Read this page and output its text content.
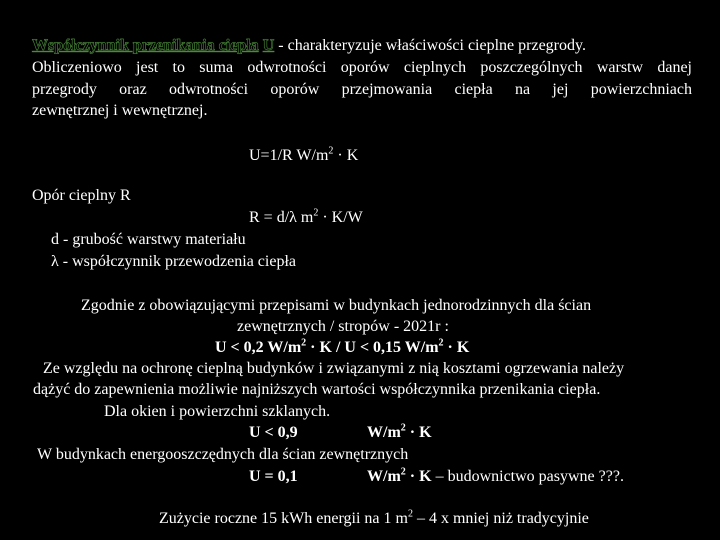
Współczynnik przenikania ciepła U - charakteryzuje właściwości cieplne przegrody.
Obliczeniowo jest to suma odwrotności oporów cieplnych poszczególnych warstw danej
przegrody oraz odwrotności oporów przejmowania ciepła na jej powierzchniach
zewnętrznej i wewnętrznej.
U=1/R $W/m^2 \cdot K$
Opór cieplny R
R = d/λ $m^2 \cdot K/W$
d - grubość warstwy materiału
λ - współczynnik przewodzenia ciepła
Zgodnie z obowiązującymi przepisami w budynkach jednorodzinnych dla ścian
zewnętrznych / stropów - 2021r :
U < 0,2 $W/m^2 \cdot K / U < 0,15$ $W/m^2 \cdot K$
Ze względu na ochronę cieplną budynków i związanymi z nią kosztami ogrzewania należy
dążyć do zapewnienia możliwie najniższych wartości współczynnika przenikania ciepła.
Dla okien i powierzchni szklanych.
U < 0,9	$W/m^2 \cdot K$
W budynkach energooszczędnych dla ścian zewnętrznych
U = 0,1	$W/m^2 \cdot K$ – budownictwo pasywne ???.
Zużycie roczne 15 kWh energii na 1 $m^2 - 4$ x mniej niż tradycyjnie
